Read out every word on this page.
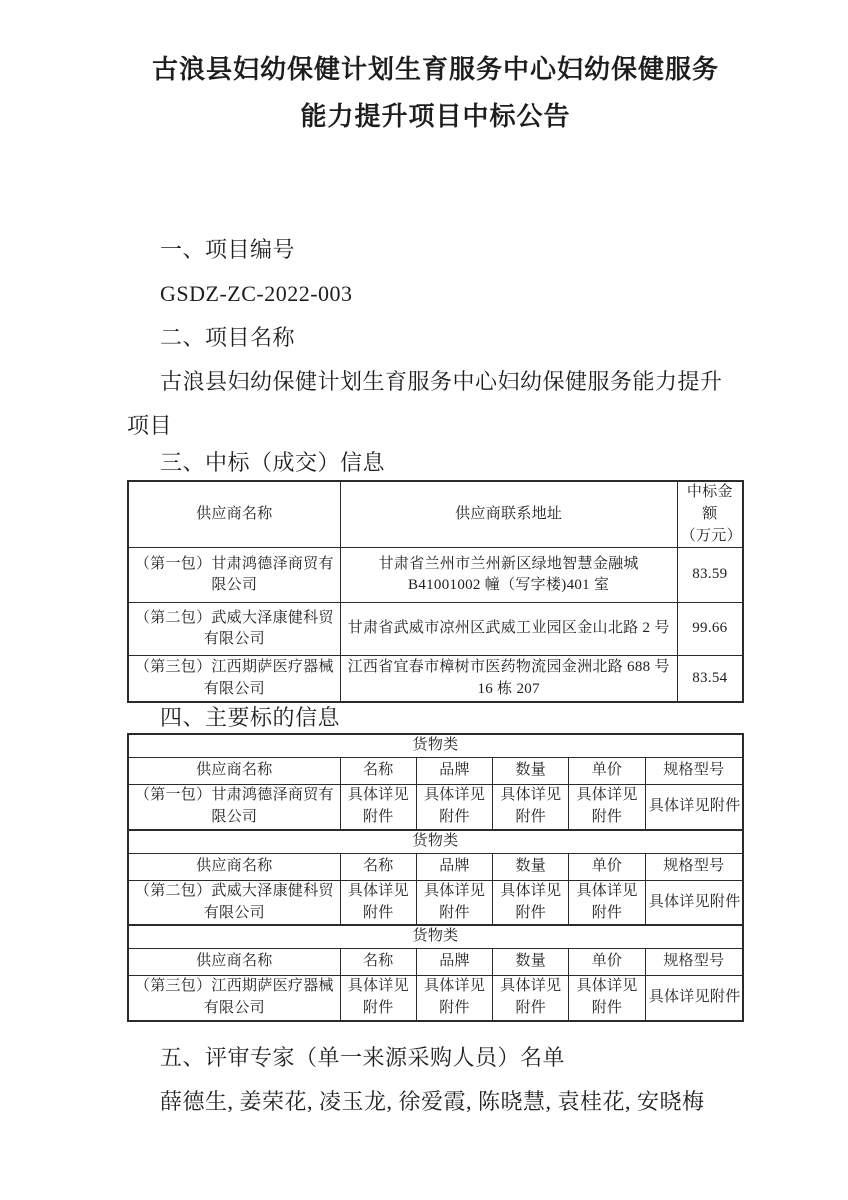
古浪县妇幼保健计划生育服务中心妇幼保健服务
能力提升项目中标公告

一、项目编号

GSDZ-ZC-2022-003

二、项目名称

古浪县妇幼保健计划生育服务中心妇幼保健服务能力提升项目

三、中标（成交）信息

供应商名称	供应商联系地址	中标金额
（万元）

（第一包）甘肃鸿德泽商贸有限公司	甘肃省兰州市兰州新区绿地智慧金融城 B41001002 幢（写字楼)401 室	83.59
（第二包）武威大泽康健科贸有限公司	甘肃省武威市凉州区武威工业园区金山北路 2 号	99.66
（第三包）江西期萨医疗器械有限公司	江西省宜春市樟树市医药物流园金洲北路 688 号 16 栋 207	83.54

四、主要标的信息

货物类					
供应商名称	名称	品牌	数量	单价	规格型号
（第一包）甘肃鸿德泽商贸有限公司	具体详见附件	具体详见附件	具体详见附件	具体详见附件	具体详见附件
货物类					
供应商名称	名称	品牌	数量	单价	规格型号
（第二包）武威大泽康健科贸有限公司	具体详见附件	具体详见附件	具体详见附件	具体详见附件	具体详见附件
货物类					
供应商名称	名称	品牌	数量	单价	规格型号
（第三包）江西期萨医疗器械有限公司	具体详见附件	具体详见附件	具体详见附件	具体详见附件	具体详见附件

五、评审专家（单一来源采购人员）名单

薛德生, 姜荣花, 凌玉龙, 徐爱霞, 陈晓慧, 袁桂花, 安晓梅
